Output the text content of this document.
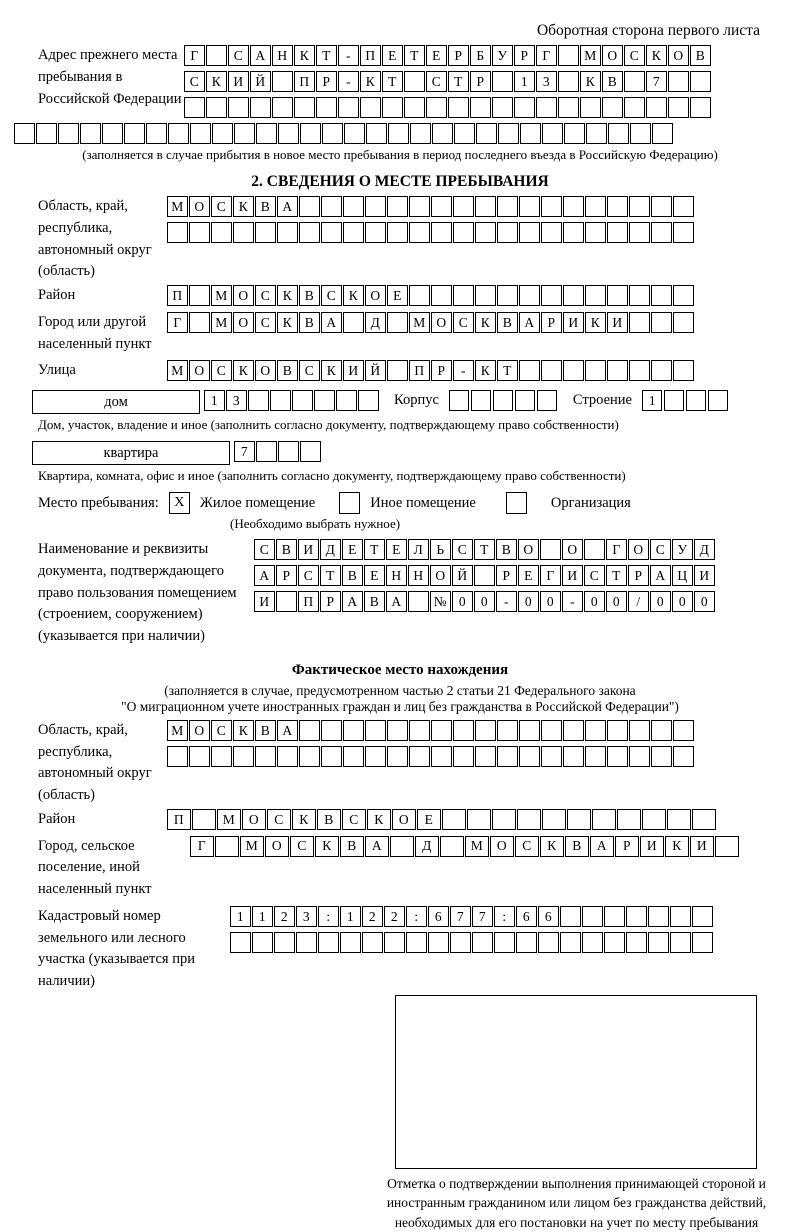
Оборотная сторона первого листа
Адрес прежнего места пребывания в Российской Федерации
Г	С А Н К Т	-	П Е	Т	Е	Р	Б У Р	Г	М О С К О В
С К И Й	П Р	-	К Т	С Т	Р	1	3	К В	7
(заполняется в случае прибытия в новое место пребывания в период последнего въезда в Российскую Федерацию)
2. СВЕДЕНИЯ О МЕСТЕ ПРЕБЫВАНИЯ
Область, край, республика, автономный округ (область)
М О С К В А
Район	П	М О С К В С К О Е
Город или другой населенный пункт
Г	М О С К В А	Д	М О С К В А Р И К И
Улица	М О С К О В С К И Й	П Р	-	К Т
дом	1	3	Корпус	Строение	1
Дом, участок, владение и иное (заполнить согласно документу, подтверждающему право собственности)
квартира	7
Квартира, комната, офис и иное (заполнить согласно документу, подтверждающему право собственности)
Место пребывания:	X	Жилое помещение	Иное помещение	Организация
(Необходимо выбрать нужное)
Наименование и реквизиты документа, подтверждающего право пользования помещением (строением, сооружением) (указывается при наличии)
С В И Д Е	Т	Е Л	Ь	С Т В О	О	Г О С У Д
А Р	С Т В Е Н Н О Й	Р	Е	Г И С Т	Р А Ц И
И	П Р А В А	№ 0	0	-	0	0	-	0	0	/	0	0	0
Фактическое место нахождения
(заполняется в случае, предусмотренном частью 2 статьи 21 Федерального закона
"О миграционном учете иностранных граждан и лиц без гражданства в Российской Федерации")
Область, край, республика, автономный округ (область)
М О С К В А
Район	П	М	О	С	К	В	С	К	О	Е
Город, сельское поселение, иной населенный пункт
Г	М	О	С	К	В	А	Д	М	О	С	К	В	А	Р	И	К	И
Кадастровый номер земельного или лесного участка (указывается при наличии)
1	1	2	3	:	1	2	2	:	6	7	7	:	6	6
Отметка о подтверждении выполнения принимающей стороной и иностранным гражданином или лицом без гражданства действий, необходимых для его постановки на учет по месту пребывания
